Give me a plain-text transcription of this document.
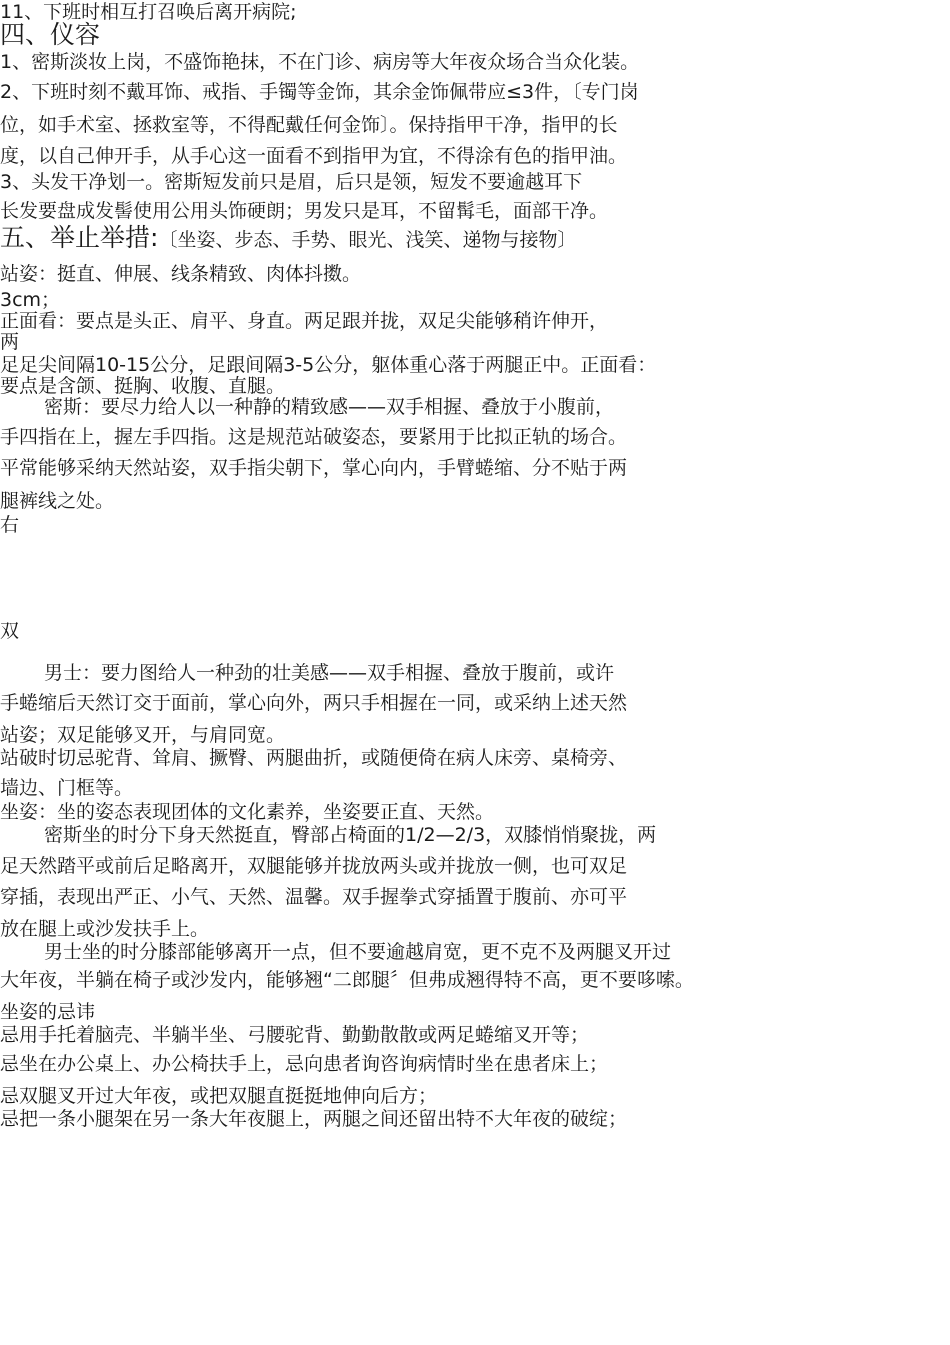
11、下班时相互打召唤后离开病院;
四、仪容
1、密斯淡妆上岗，不盛饰艳抹，不在门诊、病房等大年夜众场合当众化装。
2、下班时刻不戴耳饰、戒指、手镯等金饰，其余金饰佩带应≤3件，〔专门岗
位，如手术室、拯救室等，不得配戴任何金饰〕。保持指甲干净，指甲的长
度，以自己伸开手，从手心这一面看不到指甲为宜，不得涂有色的指甲油。
3、头发干净划一。密斯短发前只是眉，后只是领，短发不要逾越耳下
长发要盘成发髻使用公用头饰硬朗；男发只是耳，不留髯毛，面部干净。
五、举止举措:〔坐姿、步态、手势、眼光、浅笑、递物与接物〕
站姿：挺直、伸展、线条精致、肉体抖擞。
3cm；
正面看：要点是头正、肩平、身直。两足跟并拢，双足尖能够稍许伸开，
两
足足尖间隔10-15公分，足跟间隔3-5公分，躯体重心落于两腿正中。正面看：
要点是含颌、挺胸、收腹、直腿。
密斯：要尽力给人以一种静的精致感——双手相握、叠放于小腹前，
手四指在上，握左手四指。这是规范站破姿态，要紧用于比拟正轨的场合。
平常能够采纳天然站姿，双手指尖朝下，掌心向内，手臂蜷缩、分不贴于两
腿裤线之处。
右
双
男士：要力图给人一种劲的壮美感——双手相握、叠放于腹前，或许
手蜷缩后天然订交于面前，掌心向外，两只手相握在一同，或采纳上述天然
站姿；双足能够叉开，与肩同宽。
站破时切忌驼背、耸肩、撅臀、两腿曲折，或随便倚在病人床旁、桌椅旁、
墙边、门框等。
坐姿：坐的姿态表现团体的文化素养，坐姿要正直、天然。
密斯坐的时分下身天然挺直，臀部占椅面的1/2—2/3，双膝悄悄聚拢，两
足天然踏平或前后足略离开，双腿能够并拢放两头或并拢放一侧，也可双足
穿插，表现出严正、小气、天然、温馨。双手握拳式穿插置于腹前、亦可平
放在腿上或沙发扶手上。
男士坐的时分膝部能够离开一点，但不要逾越肩宽，更不克不及两腿叉开过
大年夜，半躺在椅子或沙发内，能够翘“二郎腿〞但弗成翘得特不高，更不要哆嗦。
坐姿的忌讳
忌用手托着脑壳、半躺半坐、弓腰驼背、勤勤散散或两足蜷缩叉开等；
忌坐在办公桌上、办公椅扶手上，忌向患者询咨询病情时坐在患者床上；
忌双腿叉开过大年夜，或把双腿直挺挺地伸向后方；
忌把一条小腿架在另一条大年夜腿上，两腿之间还留出特不大年夜的破绽；
